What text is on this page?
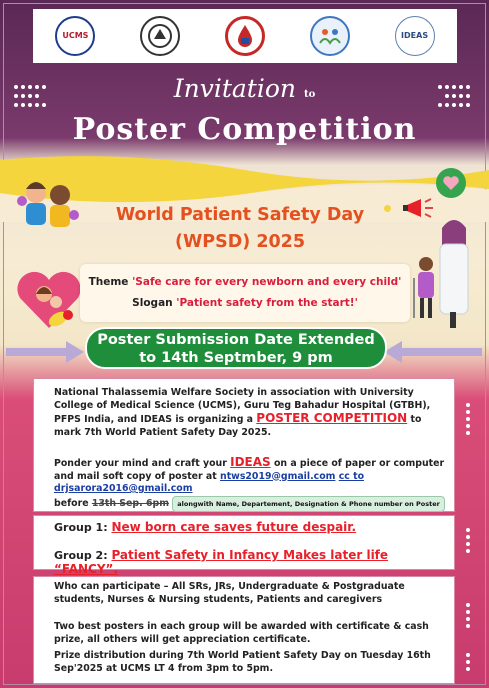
UCMS	IDEAS
Invitation to
Poster Competition
World Patient Safety Day
(WPSD) 2025
Theme 'Safe care for every newborn and every child'
Slogan 'Patient safety from the start!'
Poster Submission Date Extended
to 14th Septmber, 9 pm
National Thalassemia Welfare Society in association with University College of Medical Science (UCMS), Guru Teg Bahadur Hospital (GTBH), PFPS India, and IDEAS is organizing a POSTER COMPETITION to mark 7th World Patient Safety Day 2025.
Ponder your mind and craft your IDEAS on a piece of paper or computer and mail soft copy of poster at ntws2019@gmail.com cc to drjsarora2016@gmail.com
before 13th Sep. 6pm alongwith Name, Departement, Designation & Phone number on Poster
Group 1: New born care saves future despair.
Group 2: Patient Safety in Infancy Makes later life “FANCY”.
Who can participate – All SRs, JRs, Undergraduate & Postgraduate students, Nurses & Nursing students, Patients and caregivers
Two best posters in each group will be awarded with certificate & cash prize, all others will get appreciation certificate.
Prize distribution during 7th World Patient Safety Day on Tuesday 16th Sep'2025 at UCMS LT 4 from 3pm to 5pm.
